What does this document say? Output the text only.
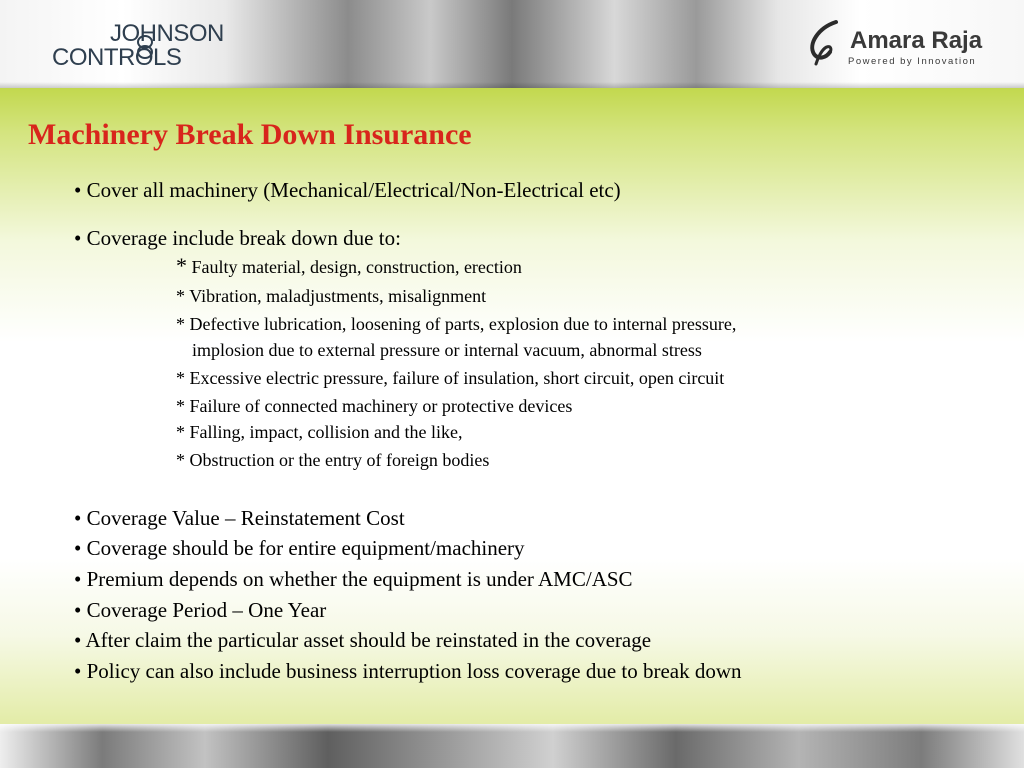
JOHNSON
CONTROLS
Amara Raja
Powered by Innovation
Machinery Break Down Insurance
• Cover all machinery (Mechanical/Electrical/Non-Electrical etc)
• Coverage include break down due to:
* Faulty material, design, construction, erection
* Vibration, maladjustments, misalignment
* Defective lubrication, loosening of parts, explosion due to internal pressure,
implosion due to external pressure or internal vacuum, abnormal stress
* Excessive electric pressure, failure of insulation, short circuit, open circuit
* Failure of connected machinery or protective devices
* Falling, impact, collision and the like,
* Obstruction or the entry of foreign bodies
• Coverage Value – Reinstatement Cost
• Coverage should be for entire equipment/machinery
• Premium depends on whether the equipment is under AMC/ASC
• Coverage Period – One Year
• After claim the particular asset should be reinstated in the coverage
• Policy can also include business interruption loss coverage due to break down
